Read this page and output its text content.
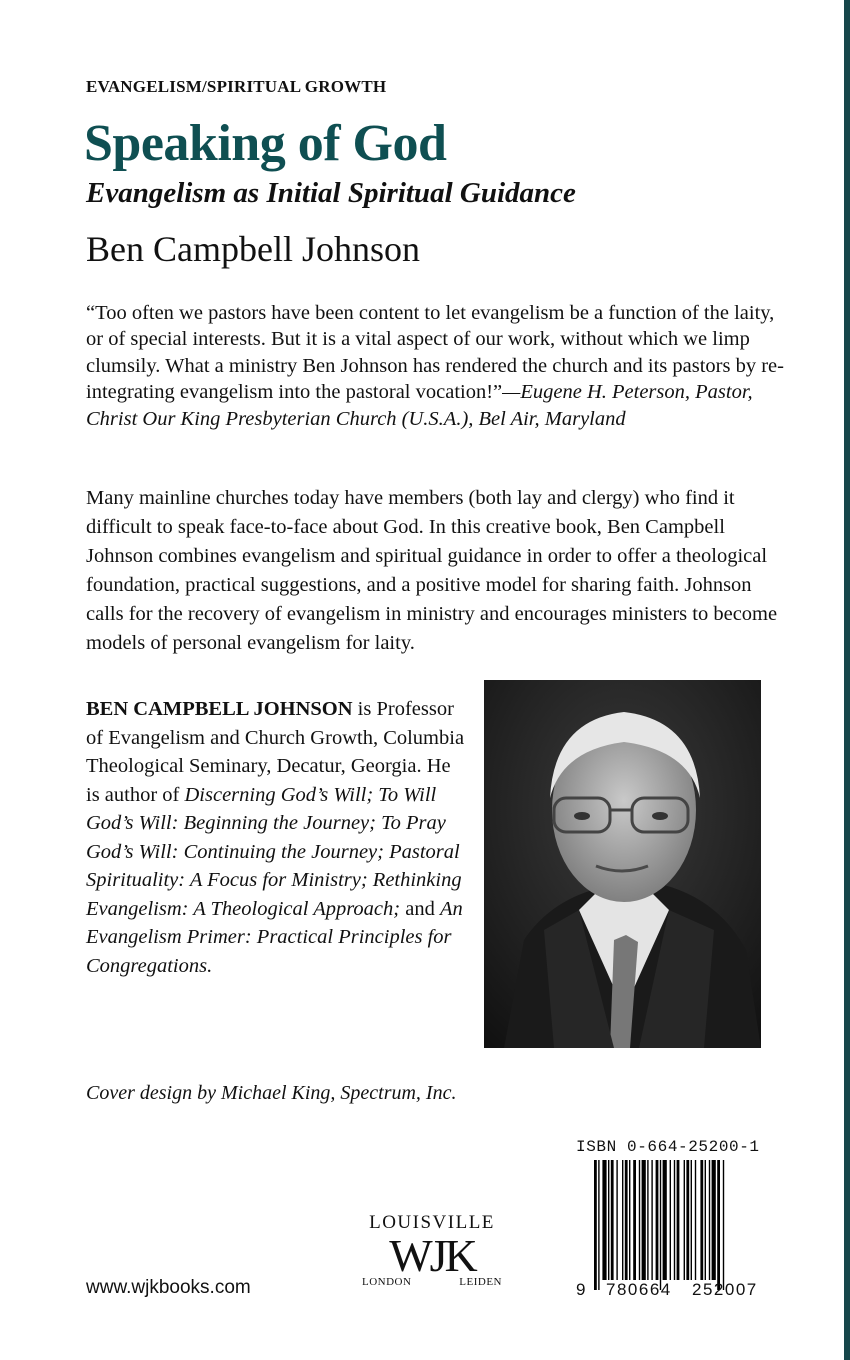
EVANGELISM/SPIRITUAL GROWTH
Speaking of God
Evangelism as Initial Spiritual Guidance
Ben Campbell Johnson
“Too often we pastors have been content to let evangelism be a function of the laity, or of special interests. But it is a vital aspect of our work, without which we limp clumsily. What a ministry Ben Johnson has rendered the church and its pastors by re-integrating evangelism into the pastoral vocation!”—Eugene H. Peterson, Pastor, Christ Our King Presbyterian Church (U.S.A.), Bel Air, Maryland
Many mainline churches today have members (both lay and clergy) who find it difficult to speak face-to-face about God. In this creative book, Ben Campbell Johnson combines evangelism and spiritual guidance in order to offer a theological foundation, practical suggestions, and a positive model for sharing faith. Johnson calls for the recovery of evangelism in ministry and encourages ministers to become models of personal evangelism for laity.
BEN CAMPBELL JOHNSON is Professor of Evangelism and Church Growth, Columbia Theological Seminary, Decatur, Georgia. He is author of Discerning God’s Will; To Will God’s Will: Beginning the Journey; To Pray God’s Will: Continuing the Journey; Pastoral Spirituality: A Focus for Ministry; Rethinking Evangelism: A Theological Approach; and An Evangelism Primer: Practical Principles for Congregations.
Cover design by Michael King, Spectrum, Inc.
www.wjkbooks.com
LOUISVILLE
WJK
LONDON	LEIDEN
ISBN 0-664-25200-1
9 780664 252007
